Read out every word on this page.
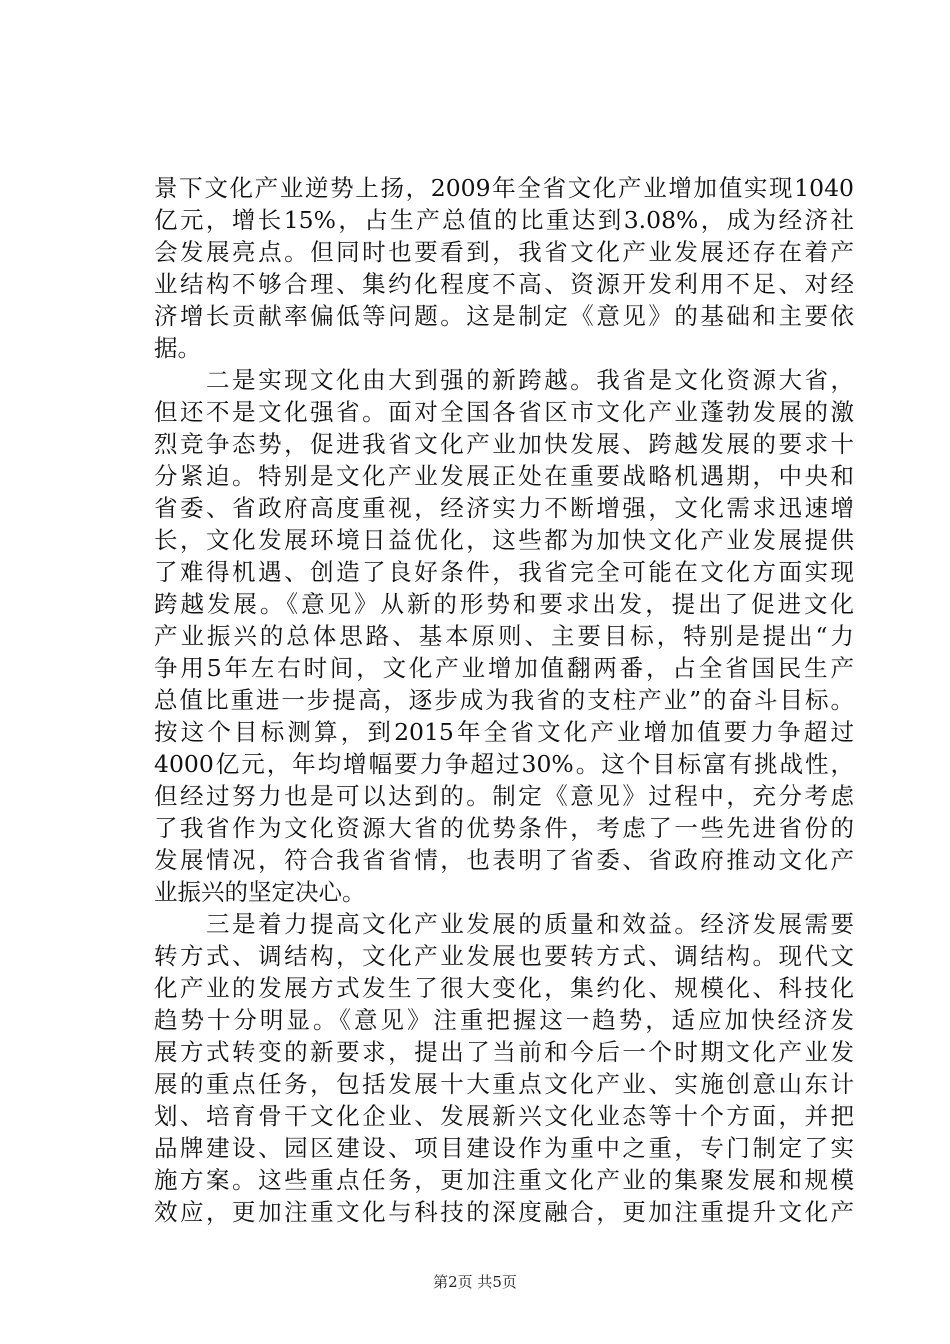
景下文化产业逆势上扬，2009年全省文化产业增加值实现1040
亿元，增长15%，占生产总值的比重达到3.08%，成为经济社
会发展亮点。但同时也要看到，我省文化产业发展还存在着产
业结构不够合理、集约化程度不高、资源开发利用不足、对经
济增长贡献率偏低等问题。这是制定《意见》的基础和主要依
据。
　　二是实现文化由大到强的新跨越。我省是文化资源大省，
但还不是文化强省。面对全国各省区市文化产业蓬勃发展的激
烈竞争态势，促进我省文化产业加快发展、跨越发展的要求十
分紧迫。特别是文化产业发展正处在重要战略机遇期，中央和
省委、省政府高度重视，经济实力不断增强，文化需求迅速增
长，文化发展环境日益优化，这些都为加快文化产业发展提供
了难得机遇、创造了良好条件，我省完全可能在文化方面实现
跨越发展。《意见》从新的形势和要求出发，提出了促进文化
产业振兴的总体思路、基本原则、主要目标，特别是提出“力
争用5年左右时间，文化产业增加值翻两番，占全省国民生产
总值比重进一步提高，逐步成为我省的支柱产业”的奋斗目标。
按这个目标测算，到2015年全省文化产业增加值要力争超过
4000亿元，年均增幅要力争超过30%。这个目标富有挑战性，
但经过努力也是可以达到的。制定《意见》过程中，充分考虑
了我省作为文化资源大省的优势条件，考虑了一些先进省份的
发展情况，符合我省省情，也表明了省委、省政府推动文化产
业振兴的坚定决心。
　　三是着力提高文化产业发展的质量和效益。经济发展需要
转方式、调结构，文化产业发展也要转方式、调结构。现代文
化产业的发展方式发生了很大变化，集约化、规模化、科技化
趋势十分明显。《意见》注重把握这一趋势，适应加快经济发
展方式转变的新要求，提出了当前和今后一个时期文化产业发
展的重点任务，包括发展十大重点文化产业、实施创意山东计
划、培育骨干文化企业、发展新兴文化业态等十个方面，并把
品牌建设、园区建设、项目建设作为重中之重，专门制定了实
施方案。这些重点任务，更加注重文化产业的集聚发展和规模
效应，更加注重文化与科技的深度融合，更加注重提升文化产
第2页 共5页
